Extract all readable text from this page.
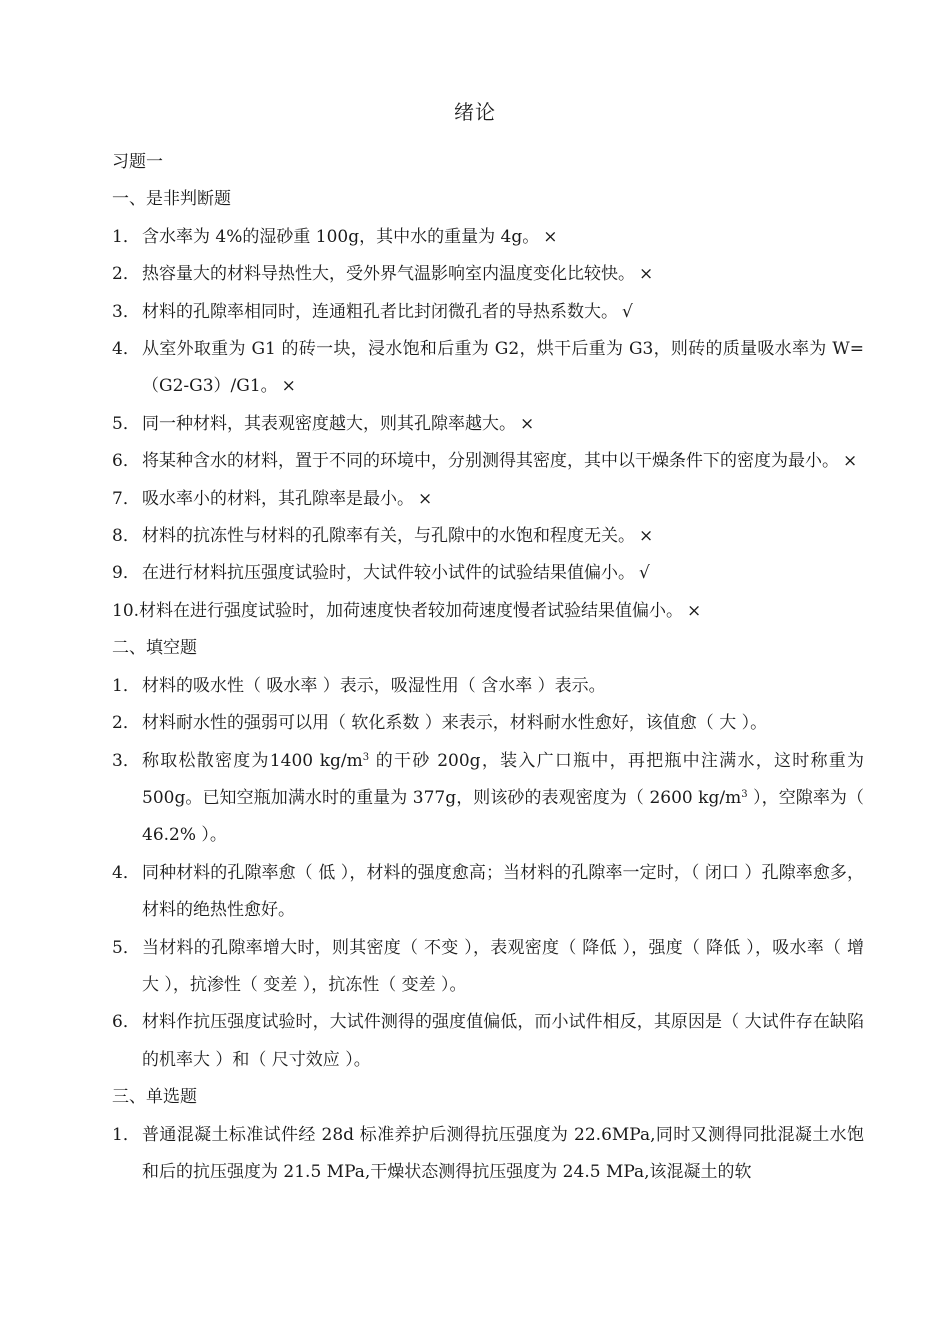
绪论
习题一
一、是非判断题
1． 含水率为 4%的湿砂重 100g，其中水的重量为 4g。 ×
2． 热容量大的材料导热性大，受外界气温影响室内温度变化比较快。 ×
3． 材料的孔隙率相同时，连通粗孔者比封闭微孔者的导热系数大。 √
4． 从室外取重为 G1 的砖一块，浸水饱和后重为 G2，烘干后重为 G3，则砖的质量吸水率为 W=（G2-G3）/G1。 ×
5． 同一种材料，其表观密度越大，则其孔隙率越大。 ×
6． 将某种含水的材料，置于不同的环境中，分别测得其密度，其中以干燥条件下的密度为最小。 ×
7． 吸水率小的材料，其孔隙率是最小。 ×
8． 材料的抗冻性与材料的孔隙率有关，与孔隙中的水饱和程度无关。 ×
9． 在进行材料抗压强度试验时，大试件较小试件的试验结果值偏小。 √
10.材料在进行强度试验时，加荷速度快者较加荷速度慢者试验结果值偏小。 ×
二、填空题
1． 材料的吸水性（ 吸水率 ）表示，吸湿性用（ 含水率 ）表示。
2． 材料耐水性的强弱可以用（ 软化系数 ）来表示，材料耐水性愈好，该值愈（ 大 ）。
3． 称取松散密度为1400 $kg/m^3$ 的干砂 200g，装入广口瓶中，再把瓶中注满水，这时称重为 500g。已知空瓶加满水时的重量为 377g，则该砂的表观密度为（ 2600 $kg/m^3$ ），空隙率为（ 46.2% ）。
4． 同种材料的孔隙率愈（ 低 ），材料的强度愈高；当材料的孔隙率一定时，（ 闭口 ）孔隙率愈多，材料的绝热性愈好。
5． 当材料的孔隙率增大时，则其密度（ 不变 ），表观密度（ 降低 ），强度（ 降低 ），吸水率（ 增大 ），抗渗性（ 变差 ），抗冻性（ 变差 ）。
6． 材料作抗压强度试验时，大试件测得的强度值偏低，而小试件相反，其原因是（ 大试件存在缺陷的机率大 ）和（ 尺寸效应 ）。
三、单选题
1． 普通混凝土标准试件经 28d 标准养护后测得抗压强度为 22.6MPa,同时又测得同批混凝土水饱和后的抗压强度为 21.5 MPa,干燥状态测得抗压强度为 24.5 MPa,该混凝土的软
